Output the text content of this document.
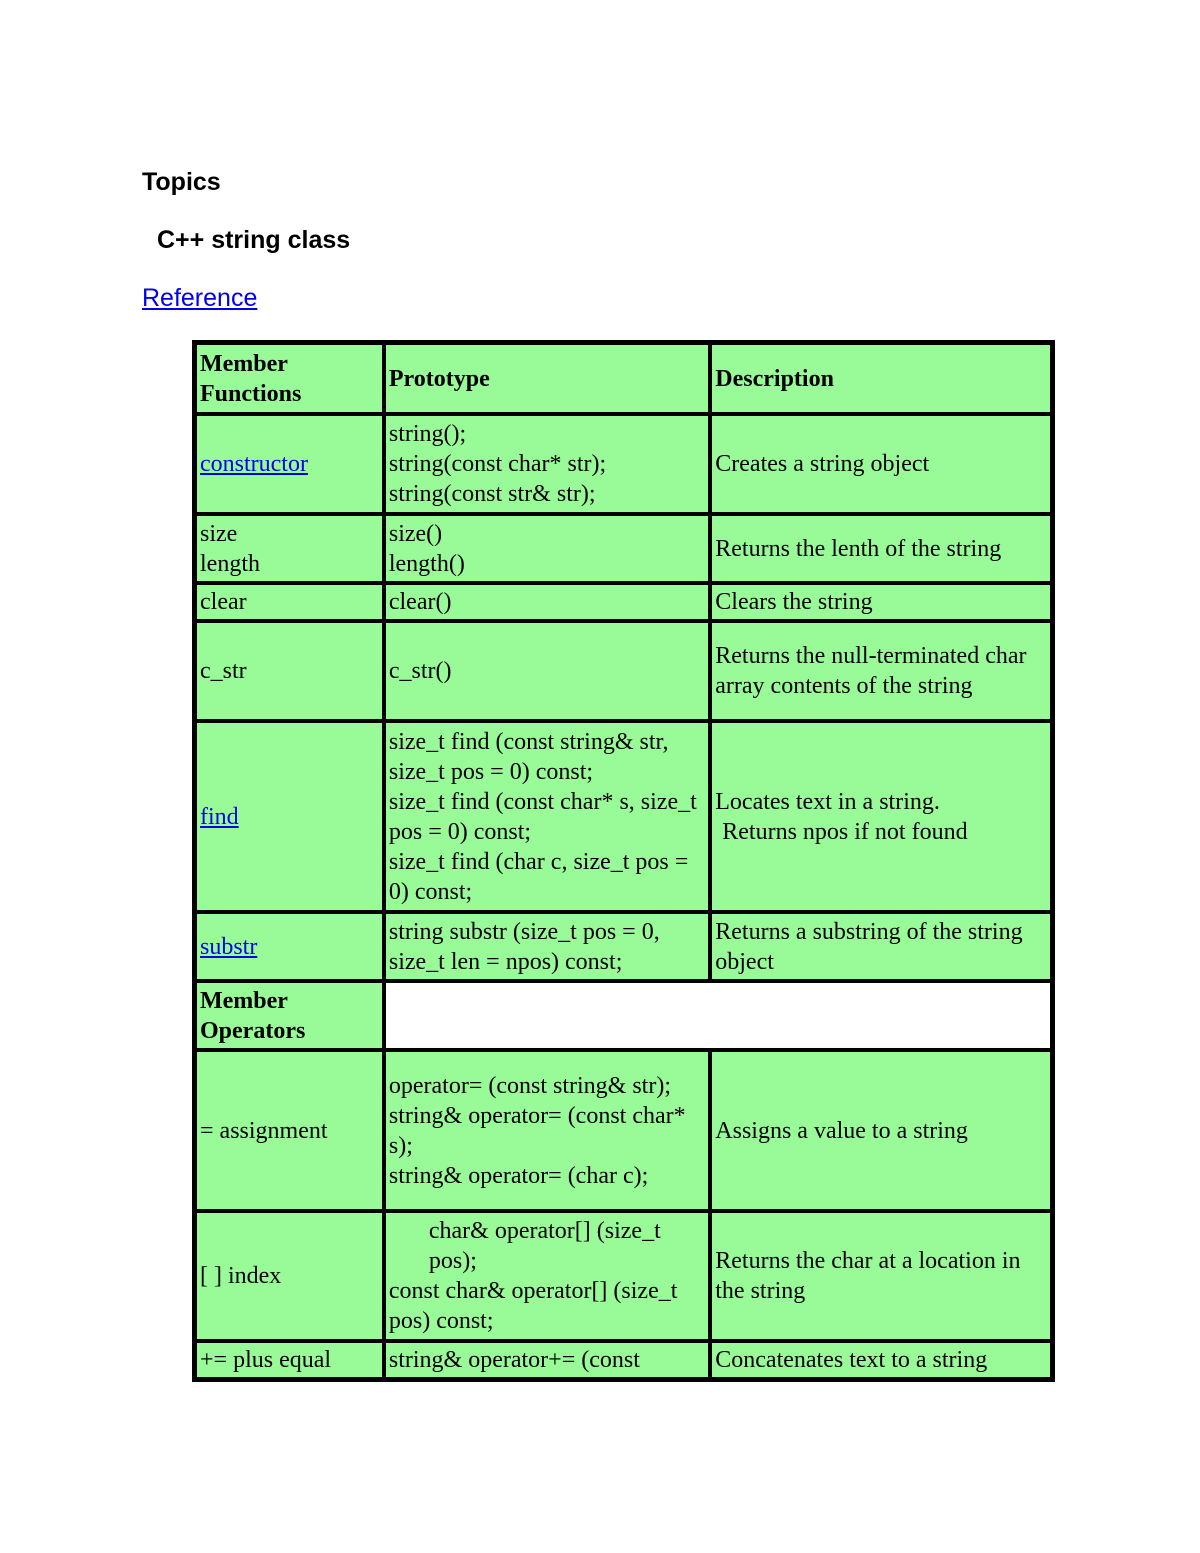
Topics
C++ string class
Reference
Member Functions	Prototype	Description
constructor	string();
string(const char* str);
string(const str& str);	Creates a string object

size
length	size()
length()	Returns the lenth of the string
clear	clear()	Clears the string
c_str	c_str()	Returns the null-terminated char array contents of the string
find	size_t find (const string& str, size_t pos = 0) const;
size_t find (const char* s, size_t pos = 0) const;
size_t find (char c, size_t pos = 0) const;	Locates text in a string.
Returns npos if not found

substr	string substr (size_t pos = 0, size_t len = npos) const;	Returns a substring of the string object
Member Operators		
= assignment	operator= (const string& str);
string& operator= (const char* s);
string& operator= (char c);	Assigns a value to a string
[ ] index	char& operator[] (size_t pos);
const char& operator[] (size_t pos) const;	Returns the char at a location in the string
+= plus equal	string& operator+= (const	Concatenates text to a string
